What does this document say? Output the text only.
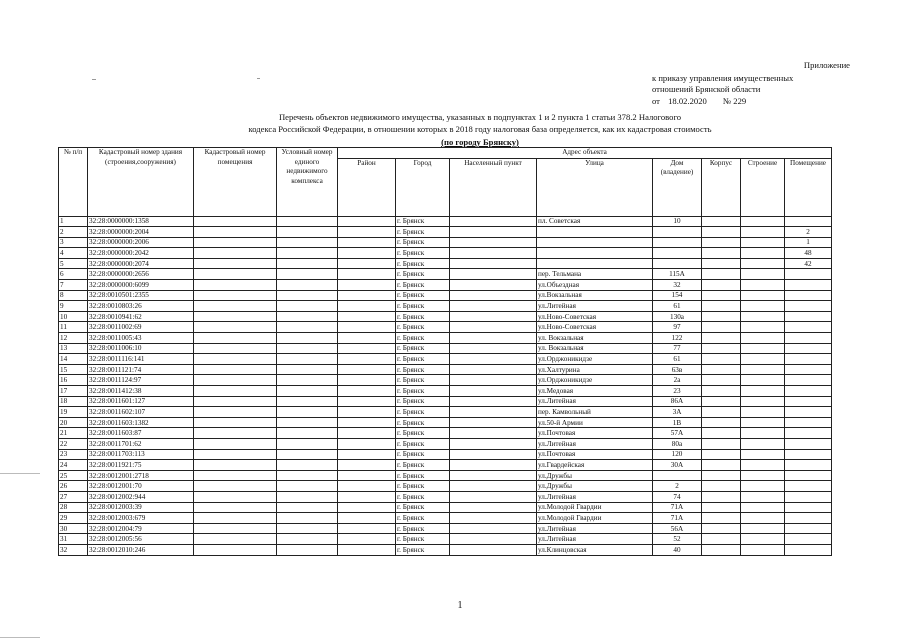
Приложение
к приказу управления имущественных
отношений Брянской области
от 18.02.2020 № 229
Перечень объектов недвижимого имущества, указанных в подпунктах 1 и 2 пункта 1 статьи 378.2 Налогового
кодекса Российской Федерации, в отношении которых в 2018 году налоговая база определяется, как их кадастровая стоимость
(по городу Брянску)
№ п/п	Кадастровый номер здания (строения,сооружения)	Кадастровый номер помещения	Условный номер единого недвижимого комплекса	Адрес объекта							
				Район	Город	Населенный пункт	Улица	Дом (владение)	Корпус	Строение	Помещение
1	32:28:0000000:1358				г. Брянск		пл. Советская	10			
2	32:28:0000000:2004				г. Брянск						2
3	32:28:0000000:2006				г. Брянск						1
4	32:28:0000000:2042				г. Брянск						48
5	32:28:0000000:2074				г. Брянск						42
6	32:28:0000000:2656				г. Брянск		пер. Тельмана	115А			
7	32:28:0000000:6099				г. Брянск		ул.Объездная	32			
8	32:28:0010501:2355				г. Брянск		ул.Вокзальная	154			
9	32:28:0010803:26				г. Брянск		ул.Литейная	61			
10	32:28:0010941:62				г. Брянск		ул.Ново-Советская	130а			
11	32:28:0011002:69				г. Брянск		ул.Ново-Советская	97			
12	32:28:0011005:43				г. Брянск		ул. Вокзальная	122			
13	32:28:0011006:10				г. Брянск		ул. Вокзальная	77			
14	32:28:0011116:141				г. Брянск		ул.Орджоникидзе	61			
15	32:28:0011121:74				г. Брянск		ул.Халтурина	63в			
16	32:28:0011124:97				г. Брянск		ул.Орджоникидзе	2а			
17	32:28:0011412:38				г. Брянск		ул.Медовая	23			
18	32:28:0011601:127				г. Брянск		ул.Литейная	86А			
19	32:28:0011602:107				г. Брянск		пер. Камвольный	3А			
20	32:28:0011603:1382				г. Брянск		ул.50-й Армии	1В			
21	32:28:0011603:87				г. Брянск		ул.Почтовая	57А			
22	32:28:0011701:62				г. Брянск		ул.Литейная	80а			
23	32:28:0011703:113				г. Брянск		ул.Почтовая	120			
24	32:28:0011921:75				г. Брянск		ул.Гвардейская	30А			
25	32:28:0012001:2718				г. Брянск		ул.Дружбы				
26	32:28:0012001:70				г. Брянск		ул.Дружбы	2			
27	32:28:0012002:944				г. Брянск		ул.Литейная	74			
28	32:28:0012003:39				г. Брянск		ул.Молодой Гвардии	71А			
29	32:28:0012003:679				г. Брянск		ул.Молодой Гвардии	71А			
30	32:28:0012004:79				г. Брянск		ул.Литейная	56А			
31	32:28:0012005:56				г. Брянск		ул.Литейная	52			
32	32:28:0012010:246				г. Брянск		ул.Клинцовская	40			
1
